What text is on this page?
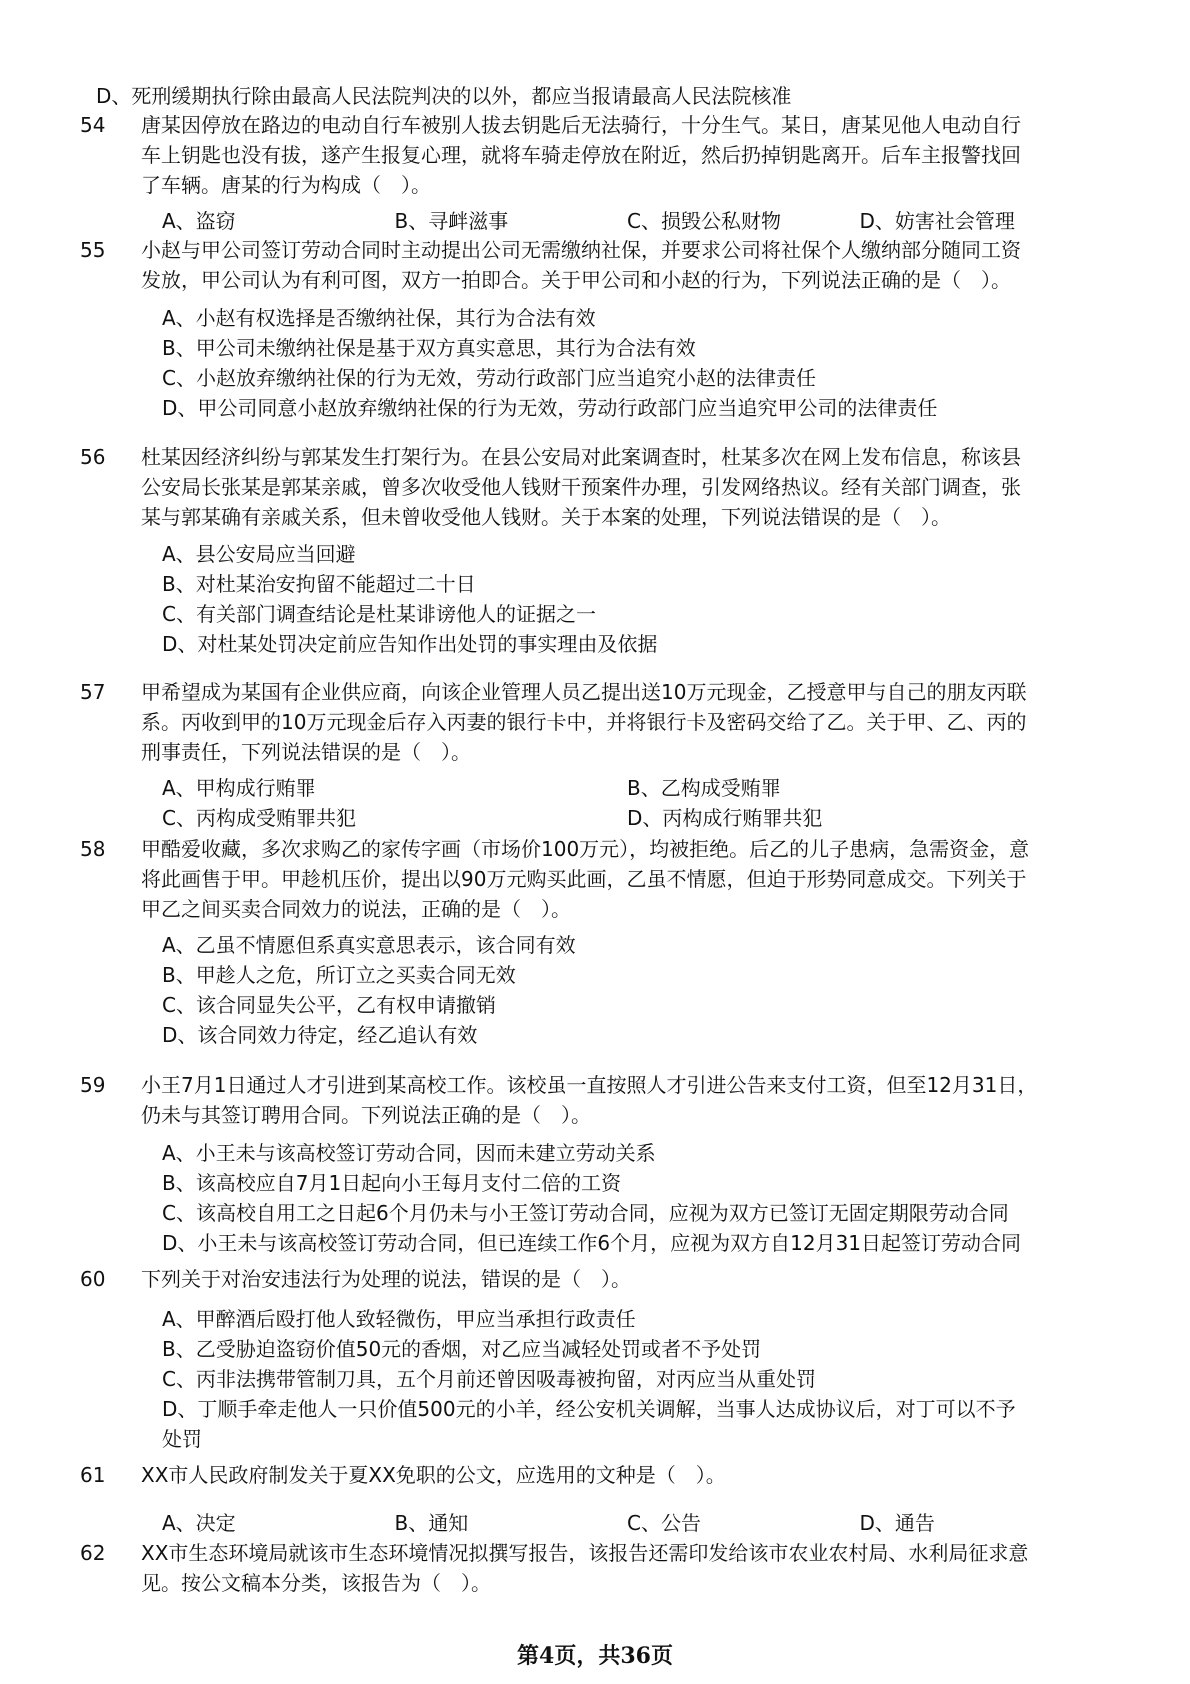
D、死刑缓期执行除由最高人民法院判决的以外，都应当报请最高人民法院核准
54 唐某因停放在路边的电动自行车被别人拔去钥匙后无法骑行，十分生气。某日，唐某见他人电动自行
车上钥匙也没有拔，遂产生报复心理，就将车骑走停放在附近，然后扔掉钥匙离开。后车主报警找回
了车辆。唐某的行为构成（　）。
A、盗窃	B、寻衅滋事	C、损毁公私财物	D、妨害社会管理
55 小赵与甲公司签订劳动合同时主动提出公司无需缴纳社保，并要求公司将社保个人缴纳部分随同工资
发放，甲公司认为有利可图，双方一拍即合。关于甲公司和小赵的行为，下列说法正确的是（　）。
A、小赵有权选择是否缴纳社保，其行为合法有效
B、甲公司未缴纳社保是基于双方真实意思，其行为合法有效
C、小赵放弃缴纳社保的行为无效，劳动行政部门应当追究小赵的法律责任
D、甲公司同意小赵放弃缴纳社保的行为无效，劳动行政部门应当追究甲公司的法律责任
56 杜某因经济纠纷与郭某发生打架行为。在县公安局对此案调查时，杜某多次在网上发布信息，称该县
公安局长张某是郭某亲戚，曾多次收受他人钱财干预案件办理，引发网络热议。经有关部门调查，张
某与郭某确有亲戚关系，但未曾收受他人钱财。关于本案的处理，下列说法错误的是（　）。
A、县公安局应当回避
B、对杜某治安拘留不能超过二十日
C、有关部门调查结论是杜某诽谤他人的证据之一
D、对杜某处罚决定前应告知作出处罚的事实理由及依据
57 甲希望成为某国有企业供应商，向该企业管理人员乙提出送10万元现金，乙授意甲与自己的朋友丙联
系。丙收到甲的10万元现金后存入丙妻的银行卡中，并将银行卡及密码交给了乙。关于甲、乙、丙的
刑事责任，下列说法错误的是（　）。
A、甲构成行贿罪	B、乙构成受贿罪
C、丙构成受贿罪共犯	D、丙构成行贿罪共犯
58 甲酷爱收藏，多次求购乙的家传字画（市场价100万元），均被拒绝。后乙的儿子患病，急需资金，意
将此画售于甲。甲趁机压价，提出以90万元购买此画，乙虽不情愿，但迫于形势同意成交。下列关于
甲乙之间买卖合同效力的说法，正确的是（　）。
A、乙虽不情愿但系真实意思表示，该合同有效
B、甲趁人之危，所订立之买卖合同无效
C、该合同显失公平，乙有权申请撤销
D、该合同效力待定，经乙追认有效
59 小王7月1日通过人才引进到某高校工作。该校虽一直按照人才引进公告来支付工资，但至12月31日，
仍未与其签订聘用合同。下列说法正确的是（　）。
A、小王未与该高校签订劳动合同，因而未建立劳动关系
B、该高校应自7月1日起向小王每月支付二倍的工资
C、该高校自用工之日起6个月仍未与小王签订劳动合同，应视为双方已签订无固定期限劳动合同
D、小王未与该高校签订劳动合同，但已连续工作6个月，应视为双方自12月31日起签订劳动合同
60 下列关于对治安违法行为处理的说法，错误的是（　）。
A、甲醉酒后殴打他人致轻微伤，甲应当承担行政责任
B、乙受胁迫盗窃价值50元的香烟，对乙应当减轻处罚或者不予处罚
C、丙非法携带管制刀具，五个月前还曾因吸毒被拘留，对丙应当从重处罚
D、丁顺手牵走他人一只价值500元的小羊，经公安机关调解，当事人达成协议后，对丁可以不予
处罚
61 XX市人民政府制发关于夏XX免职的公文，应选用的文种是（　）。
A、决定	B、通知	C、公告	D、通告
62 XX市生态环境局就该市生态环境情况拟撰写报告，该报告还需印发给该市农业农村局、水利局征求意
见。按公文稿本分类，该报告为（　）。
第4页，共36页
